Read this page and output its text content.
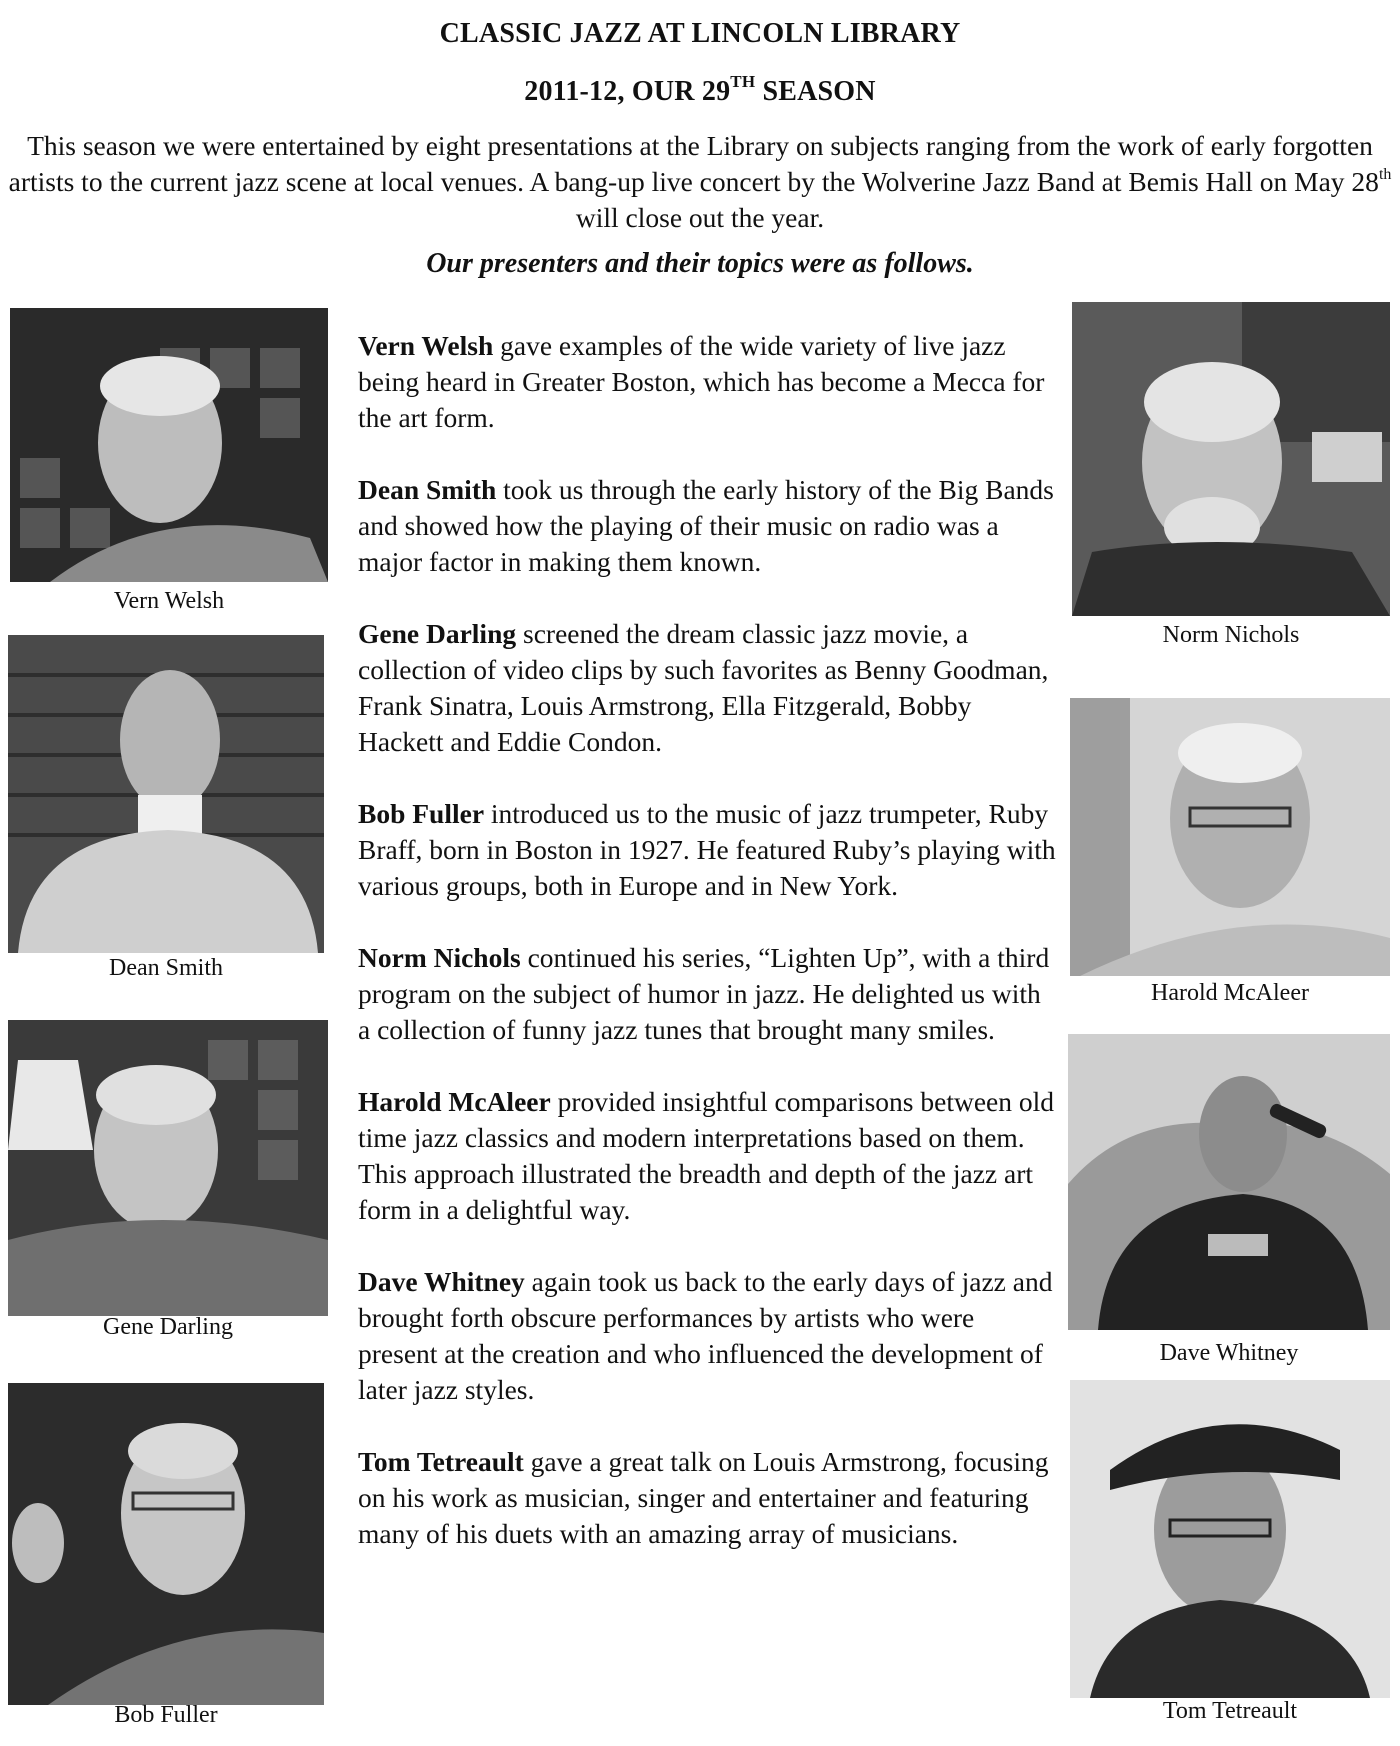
CLASSIC JAZZ AT LINCOLN LIBRARY
2011-12, OUR 29TH SEASON
This season we were entertained by eight presentations at the Library on subjects ranging from the work of early forgotten artists to the current jazz scene at local venues. A bang-up live concert by the Wolverine Jazz Band at Bemis Hall on May 28th will close out the year.
Our presenters and their topics were as follows.
Vern Welsh
Dean Smith
Gene Darling
Bob Fuller

Vern Welsh gave examples of the wide variety of live jazz being heard in Greater Boston, which has become a Mecca for the art form.

Dean Smith took us through the early history of the Big Bands and showed how the playing of their music on radio was a major factor in making them known.

Gene Darling screened the dream classic jazz movie, a collection of video clips by such favorites as Benny Goodman, Frank Sinatra, Louis Armstrong, Ella Fitzgerald, Bobby Hackett and Eddie Condon.

Bob Fuller introduced us to the music of jazz trumpeter, Ruby Braff, born in Boston in 1927. He featured Ruby’s playing with various groups, both in Europe and in New York.

Norm Nichols continued his series, “Lighten Up”, with a third program on the subject of humor in jazz. He delighted us with a collection of funny jazz tunes that brought many smiles.

Harold McAleer provided insightful comparisons between old time jazz classics and modern interpretations based on them. This approach illustrated the breadth and depth of the jazz art form in a delightful way.

Dave Whitney again took us back to the early days of jazz and brought forth obscure performances by artists who were present at the creation and who influenced the development of later jazz styles.

Tom Tetreault gave a great talk on Louis Armstrong, focusing on his work as musician, singer and entertainer and featuring many of his duets with an amazing array of musicians.

Norm Nichols
Harold McAleer
Dave Whitney
Tom Tetreault
